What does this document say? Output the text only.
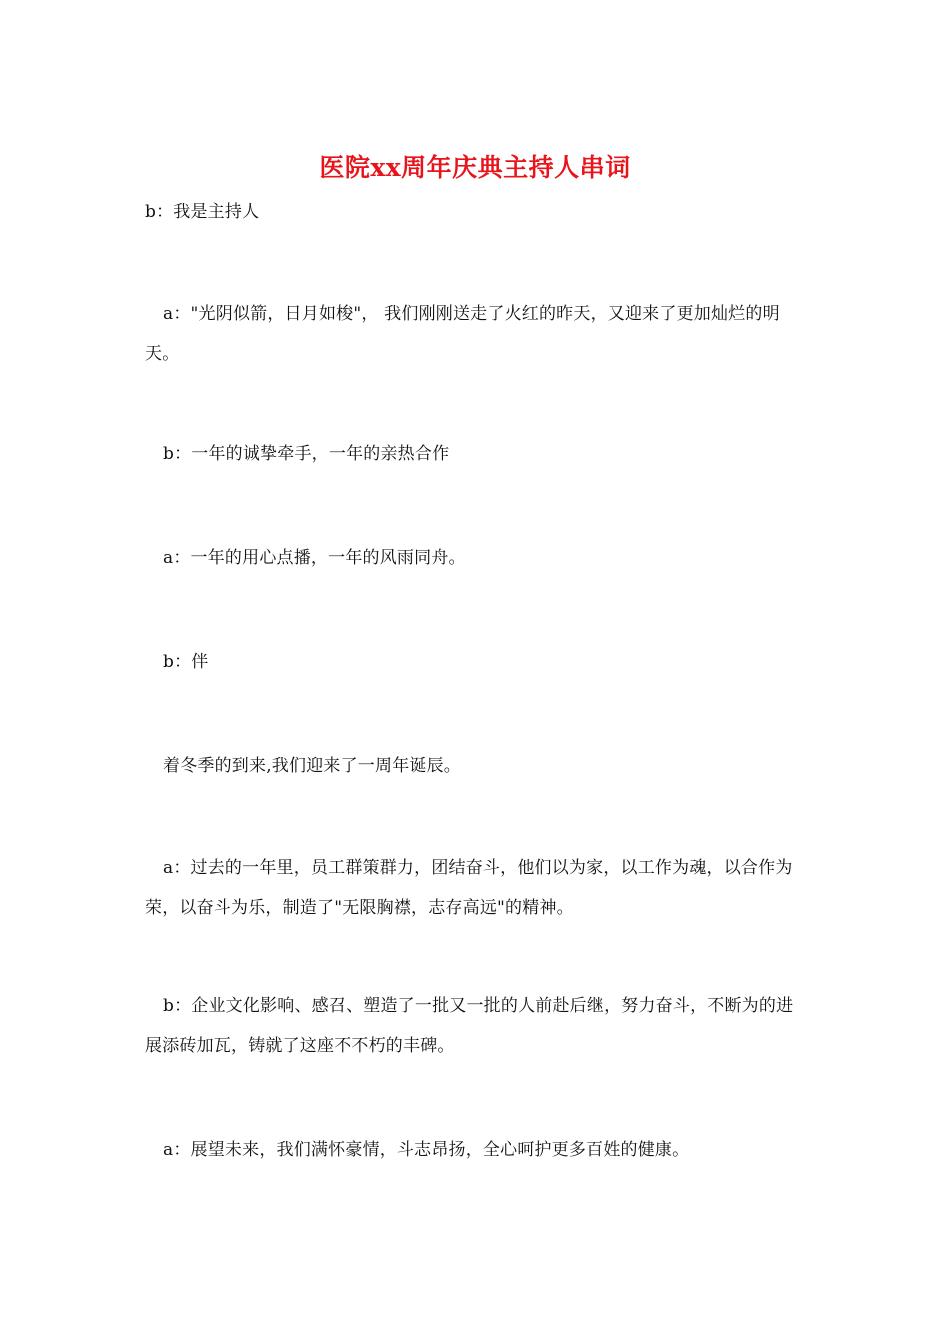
医院xx周年庆典主持人串词

b：我是主持人

a："光阴似箭，日月如梭"， 我们刚刚送走了火红的昨天，又迎来了更加灿烂的明天。

b：一年的诚挚牵手，一年的亲热合作

a：一年的用心点播，一年的风雨同舟。

b：伴

着冬季的到来,我们迎来了一周年诞辰。

a：过去的一年里，员工群策群力，团结奋斗，他们以为家，以工作为魂，以合作为荣，以奋斗为乐，制造了"无限胸襟，志存高远"的精神。

b：企业文化影响、感召、塑造了一批又一批的人前赴后继，努力奋斗，不断为的进展添砖加瓦，铸就了这座不不朽的丰碑。

a：展望未来，我们满怀豪情，斗志昂扬，全心呵护更多百姓的健康。
